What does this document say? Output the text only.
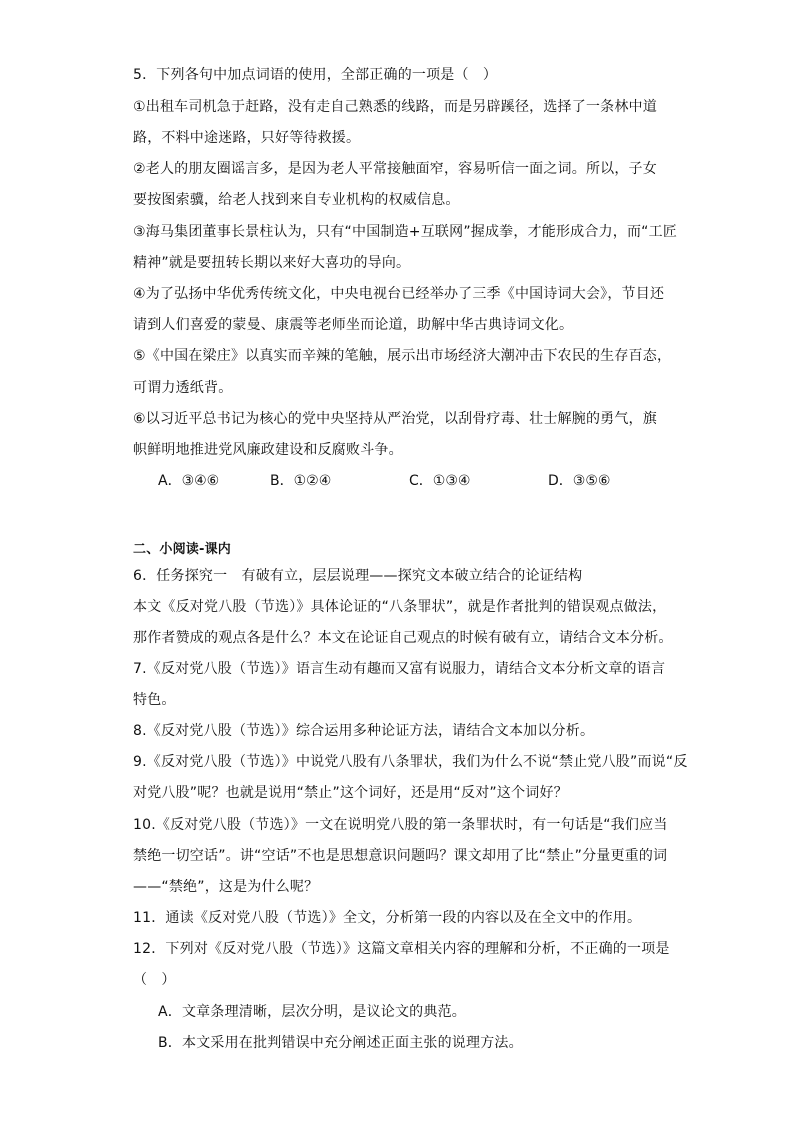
5．下列各句中加点词语的使用，全部正确的一项是（　）
①出租车司机急于赶路，没有走自己熟悉的线路，而是另辟蹊径，选择了一条林中道
路，不料中途迷路，只好等待救援。
②老人的朋友圈谣言多，是因为老人平常接触面窄，容易听信一面之词。所以，子女
要按图索骥，给老人找到来自专业机构的权威信息。
③海马集团董事长景柱认为，只有“中国制造+互联网”握成拳，才能形成合力，而“工匠
精神”就是要扭转长期以来好大喜功的导向。
④为了弘扬中华优秀传统文化，中央电视台已经举办了三季《中国诗词大会》，节目还
请到人们喜爱的蒙曼、康震等老师坐而论道，助解中华古典诗词文化。
⑤《中国在梁庄》以真实而辛辣的笔触，展示出市场经济大潮冲击下农民的生存百态，
可谓力透纸背。
⑥以习近平总书记为核心的党中央坚持从严治党，以刮骨疗毒、壮士解腕的勇气，旗
帜鲜明地推进党风廉政建设和反腐败斗争。
A．③④⑥	B．①②④	C．①③④	D．③⑤⑥
二、小阅读-课内
6．任务探究一　有破有立，层层说理——探究文本破立结合的论证结构
本文《反对党八股（节选）》具体论证的“八条罪状”，就是作者批判的错误观点做法，
那作者赞成的观点各是什么？本文在论证自己观点的时候有破有立，请结合文本分析。
7.《反对党八股（节选）》语言生动有趣而又富有说服力，请结合文本分析文章的语言
特色。
8.《反对党八股（节选）》综合运用多种论证方法，请结合文本加以分析。
9.《反对党八股（节选）》中说党八股有八条罪状，我们为什么不说“禁止党八股”而说“反
对党八股”呢？也就是说用“禁止”这个词好，还是用“反对”这个词好？
10.《反对党八股（节选）》一文在说明党八股的第一条罪状时，有一句话是“我们应当
禁绝一切空话”。讲“空话”不也是思想意识问题吗？课文却用了比“禁止”分量更重的词
——“禁绝”，这是为什么呢？
11．通读《反对党八股（节选）》全文，分析第一段的内容以及在全文中的作用。
12．下列对《反对党八股（节选）》这篇文章相关内容的理解和分析，不正确的一项是
（　）
A．文章条理清晰，层次分明，是议论文的典范。
B．本文采用在批判错误中充分阐述正面主张的说理方法。
